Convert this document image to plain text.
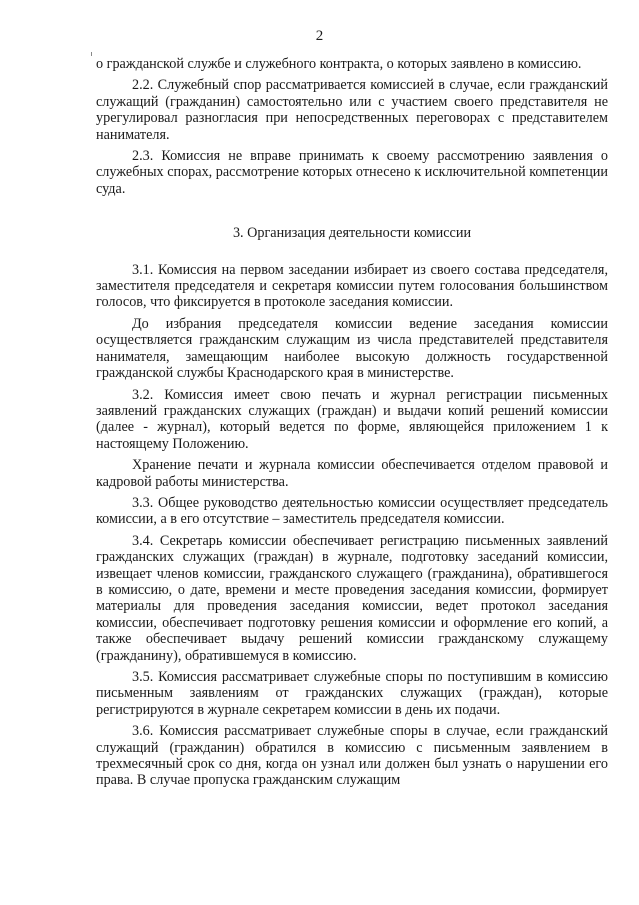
2

о гражданской службе и служебного контракта, о которых заявлено в комиссию.

2.2. Служебный спор рассматривается комиссией в случае, если гражданский служащий (гражданин) самостоятельно или с участием своего представителя не урегулировал разногласия при непосредственных переговорах с представителем нанимателя.

2.3. Комиссия не вправе принимать к своему рассмотрению заявления о служебных спорах, рассмотрение которых отнесено к исключительной компетенции суда.

3. Организация деятельности комиссии

3.1. Комиссия на первом заседании избирает из своего состава председателя, заместителя председателя и секретаря комиссии путем голосования большинством голосов, что фиксируется в протоколе заседания комиссии.

До избрания председателя комиссии ведение заседания комиссии осуществляется гражданским служащим из числа представителей представителя нанимателя, замещающим наиболее высокую должность государственной гражданской службы Краснодарского края в министерстве.

3.2. Комиссия имеет свою печать и журнал регистрации письменных заявлений гражданских служащих (граждан) и выдачи копий решений комиссии (далее - журнал), который ведется по форме, являющейся приложением 1 к настоящему Положению.

Хранение печати и журнала комиссии обеспечивается отделом правовой и кадровой работы министерства.

3.3. Общее руководство деятельностью комиссии осуществляет председатель комиссии, а в его отсутствие – заместитель председателя комиссии.

3.4. Секретарь комиссии обеспечивает регистрацию письменных заявлений гражданских служащих (граждан) в журнале, подготовку заседаний комиссии, извещает членов комиссии, гражданского служащего (гражданина), обратившегося в комиссию, о дате, времени и месте проведения заседания комиссии, формирует материалы для проведения заседания комиссии, ведет протокол заседания комиссии, обеспечивает подготовку решения комиссии и оформление его копий, а также обеспечивает выдачу решений комиссии гражданскому служащему (гражданину), обратившемуся в комиссию.

3.5. Комиссия рассматривает служебные споры по поступившим в комиссию письменным заявлениям от гражданских служащих (граждан), которые регистрируются в журнале секретарем комиссии в день их подачи.

3.6. Комиссия рассматривает служебные споры в случае, если гражданский служащий (гражданин) обратился в комиссию с письменным заявлением в трехмесячный срок со дня, когда он узнал или должен был узнать о нарушении его права. В случае пропуска гражданским служащим
